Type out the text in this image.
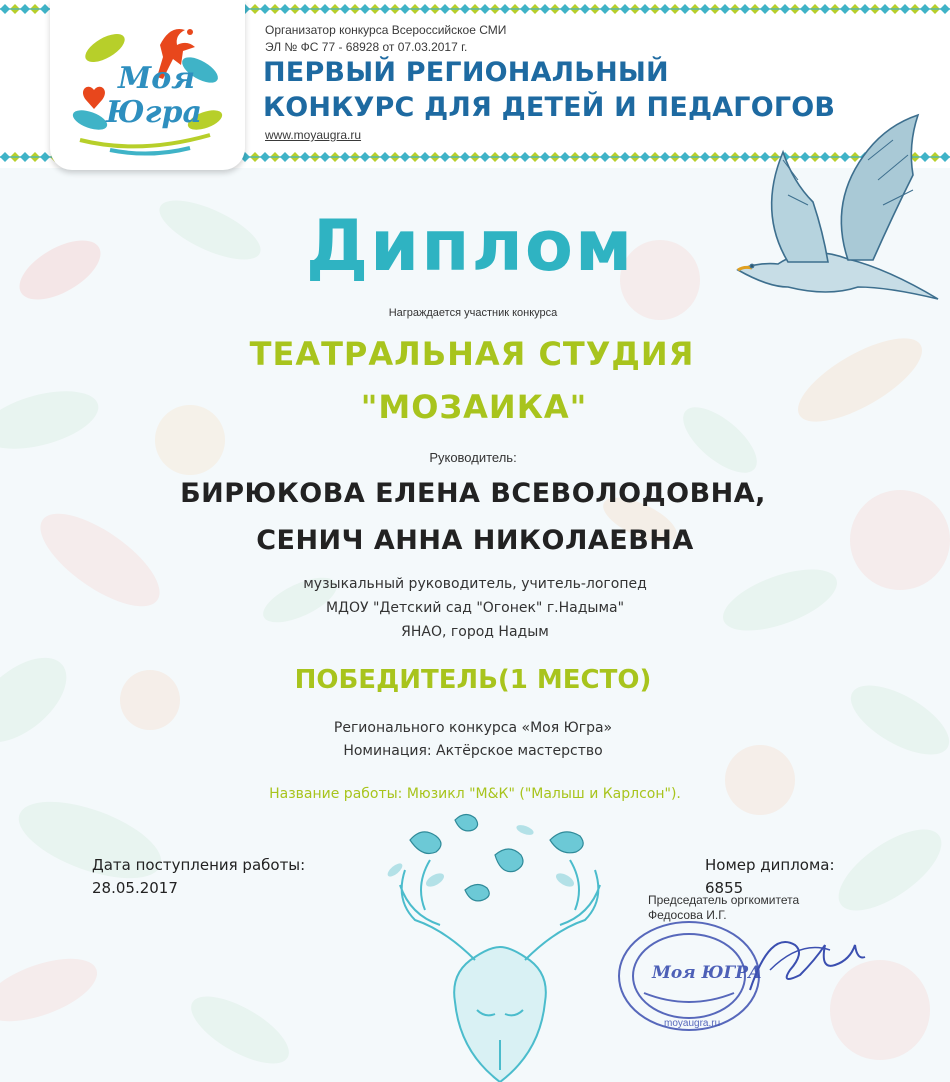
Моя
Югра
Организатор конкурса Всероссийское СМИ
ЭЛ № ФС 77 - 68928 от 07.03.2017 г.
ПЕРВЫЙ РЕГИОНАЛЬНЫЙ
КОНКУРС ДЛЯ ДЕТЕЙ И ПЕДАГОГОВ
www.moyaugra.ru
Диплом
Награждается участник конкурса
ТЕАТРАЛЬНАЯ СТУДИЯ
"МОЗАИКА"
Руководитель:
БИРЮКОВА ЕЛЕНА ВСЕВОЛОДОВНА,
СЕНИЧ АННА НИКОЛАЕВНА
музыкальный руководитель, учитель-логопед
МДОУ "Детский сад "Огонек" г.Надыма"
ЯНАО, город Надым
ПОБЕДИТЕЛЬ(1 МЕСТО)
Регионального конкурса «Моя Югра»
Номинация: Актёрское мастерство
Название работы: Мюзикл "М&К" ("Малыш и Карлсон").
Дата поступления работы:
28.05.2017
Номер диплома:
6855
Председатель оргкомитета
Федосова И.Г.
Моя ЮГРА
moyaugra.ru
